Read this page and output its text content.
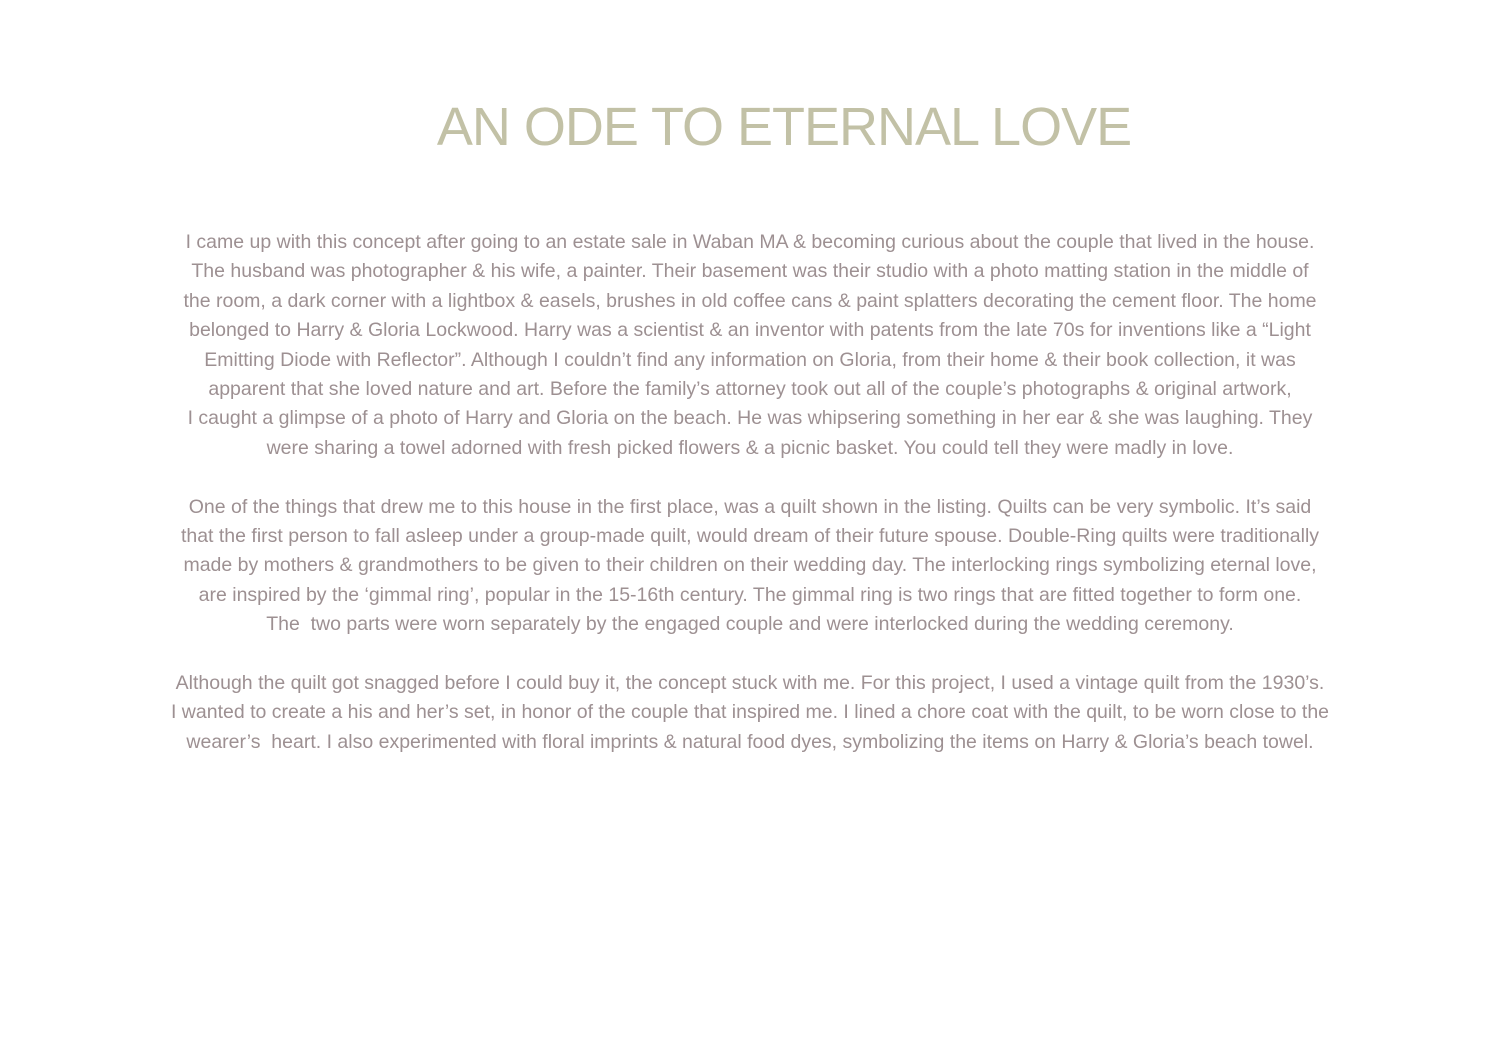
AN ODE TO ETERNAL LOVE

I came up with this concept after going to an estate sale in Waban MA & becoming curious about the couple that lived in the house.
The husband was photographer & his wife, a painter. Their basement was their studio with a photo matting station in the middle of
the room, a dark corner with a lightbox & easels, brushes in old coffee cans & paint splatters decorating the cement floor. The home
belonged to Harry & Gloria Lockwood. Harry was a scientist & an inventor with patents from the late 70s for inventions like a “Light
Emitting Diode with Reflector”. Although I couldn’t find any information on Gloria, from their home & their book collection, it was
apparent that she loved nature and art. Before the family’s attorney took out all of the couple’s photographs & original artwork,
I caught a glimpse of a photo of Harry and Gloria on the beach. He was whipsering something in her ear & she was laughing. They
were sharing a towel adorned with fresh picked flowers & a picnic basket. You could tell they were madly in love.

One of the things that drew me to this house in the first place, was a quilt shown in the listing. Quilts can be very symbolic. It’s said
that the first person to fall asleep under a group-made quilt, would dream of their future spouse. Double-Ring quilts were traditionally
made by mothers & grandmothers to be given to their children on their wedding day. The interlocking rings symbolizing eternal love,
are inspired by the ‘gimmal ring’, popular in the 15-16th century. The gimmal ring is two rings that are fitted together to form one.
The  two parts were worn separately by the engaged couple and were interlocked during the wedding ceremony.

Although the quilt got snagged before I could buy it, the concept stuck with me. For this project, I used a vintage quilt from the 1930’s.
I wanted to create a his and her’s set, in honor of the couple that inspired me. I lined a chore coat with the quilt, to be worn close to the
wearer’s  heart. I also experimented with floral imprints & natural food dyes, symbolizing the items on Harry & Gloria’s beach towel.
